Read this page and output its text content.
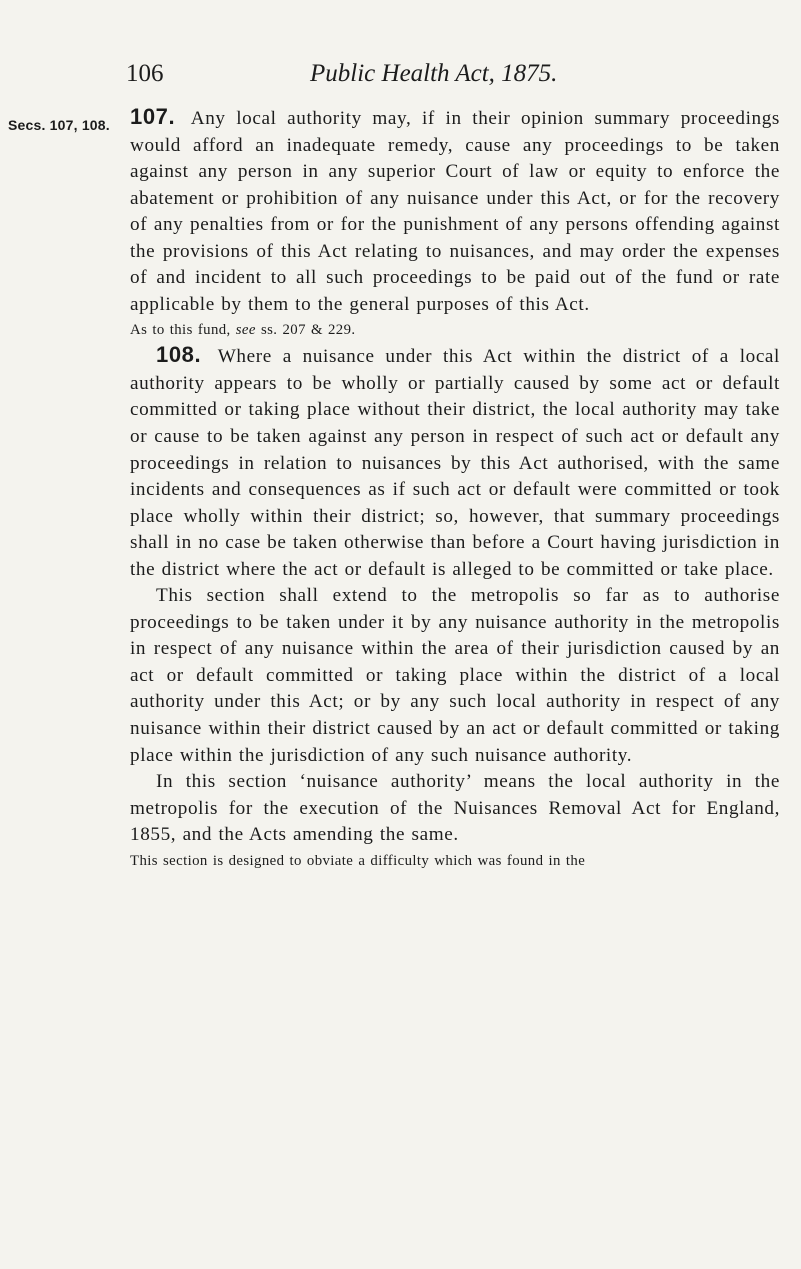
106	Public Health Act, 1875.
Secs. 107, 108. 107. Any local authority may, if in their opinion summary proceedings would afford an inadequate remedy, cause any proceedings to be taken against any person in any superior Court of law or equity to enforce the abatement or prohibition of any nuisance under this Act, or for the recovery of any penalties from or for the punishment of any persons offending against the provisions of this Act relating to nuisances, and may order the expenses of and incident to all such proceedings to be paid out of the fund or rate applicable by them to the general purposes of this Act.

As to this fund, see ss. 207 & 229.

108. Where a nuisance under this Act within the district of a local authority appears to be wholly or partially caused by some act or default committed or taking place without their district, the local authority may take or cause to be taken against any person in respect of such act or default any proceedings in relation to nuisances by this Act authorised, with the same incidents and consequences as if such act or default were committed or took place wholly within their district; so, however, that summary proceedings shall in no case be taken otherwise than before a Court having jurisdiction in the district where the act or default is alleged to be committed or take place.

This section shall extend to the metropolis so far as to authorise proceedings to be taken under it by any nuisance authority in the metropolis in respect of any nuisance within the area of their jurisdiction caused by an act or default committed or taking place within the district of a local authority under this Act; or by any such local authority in respect of any nuisance within their district caused by an act or default committed or taking place within the jurisdiction of any such nuisance authority.

In this section ‘nuisance authority’ means the local authority in the metropolis for the execution of the Nuisances Removal Act for England, 1855, and the Acts amending the same.

This section is designed to obviate a difficulty which was found in the
